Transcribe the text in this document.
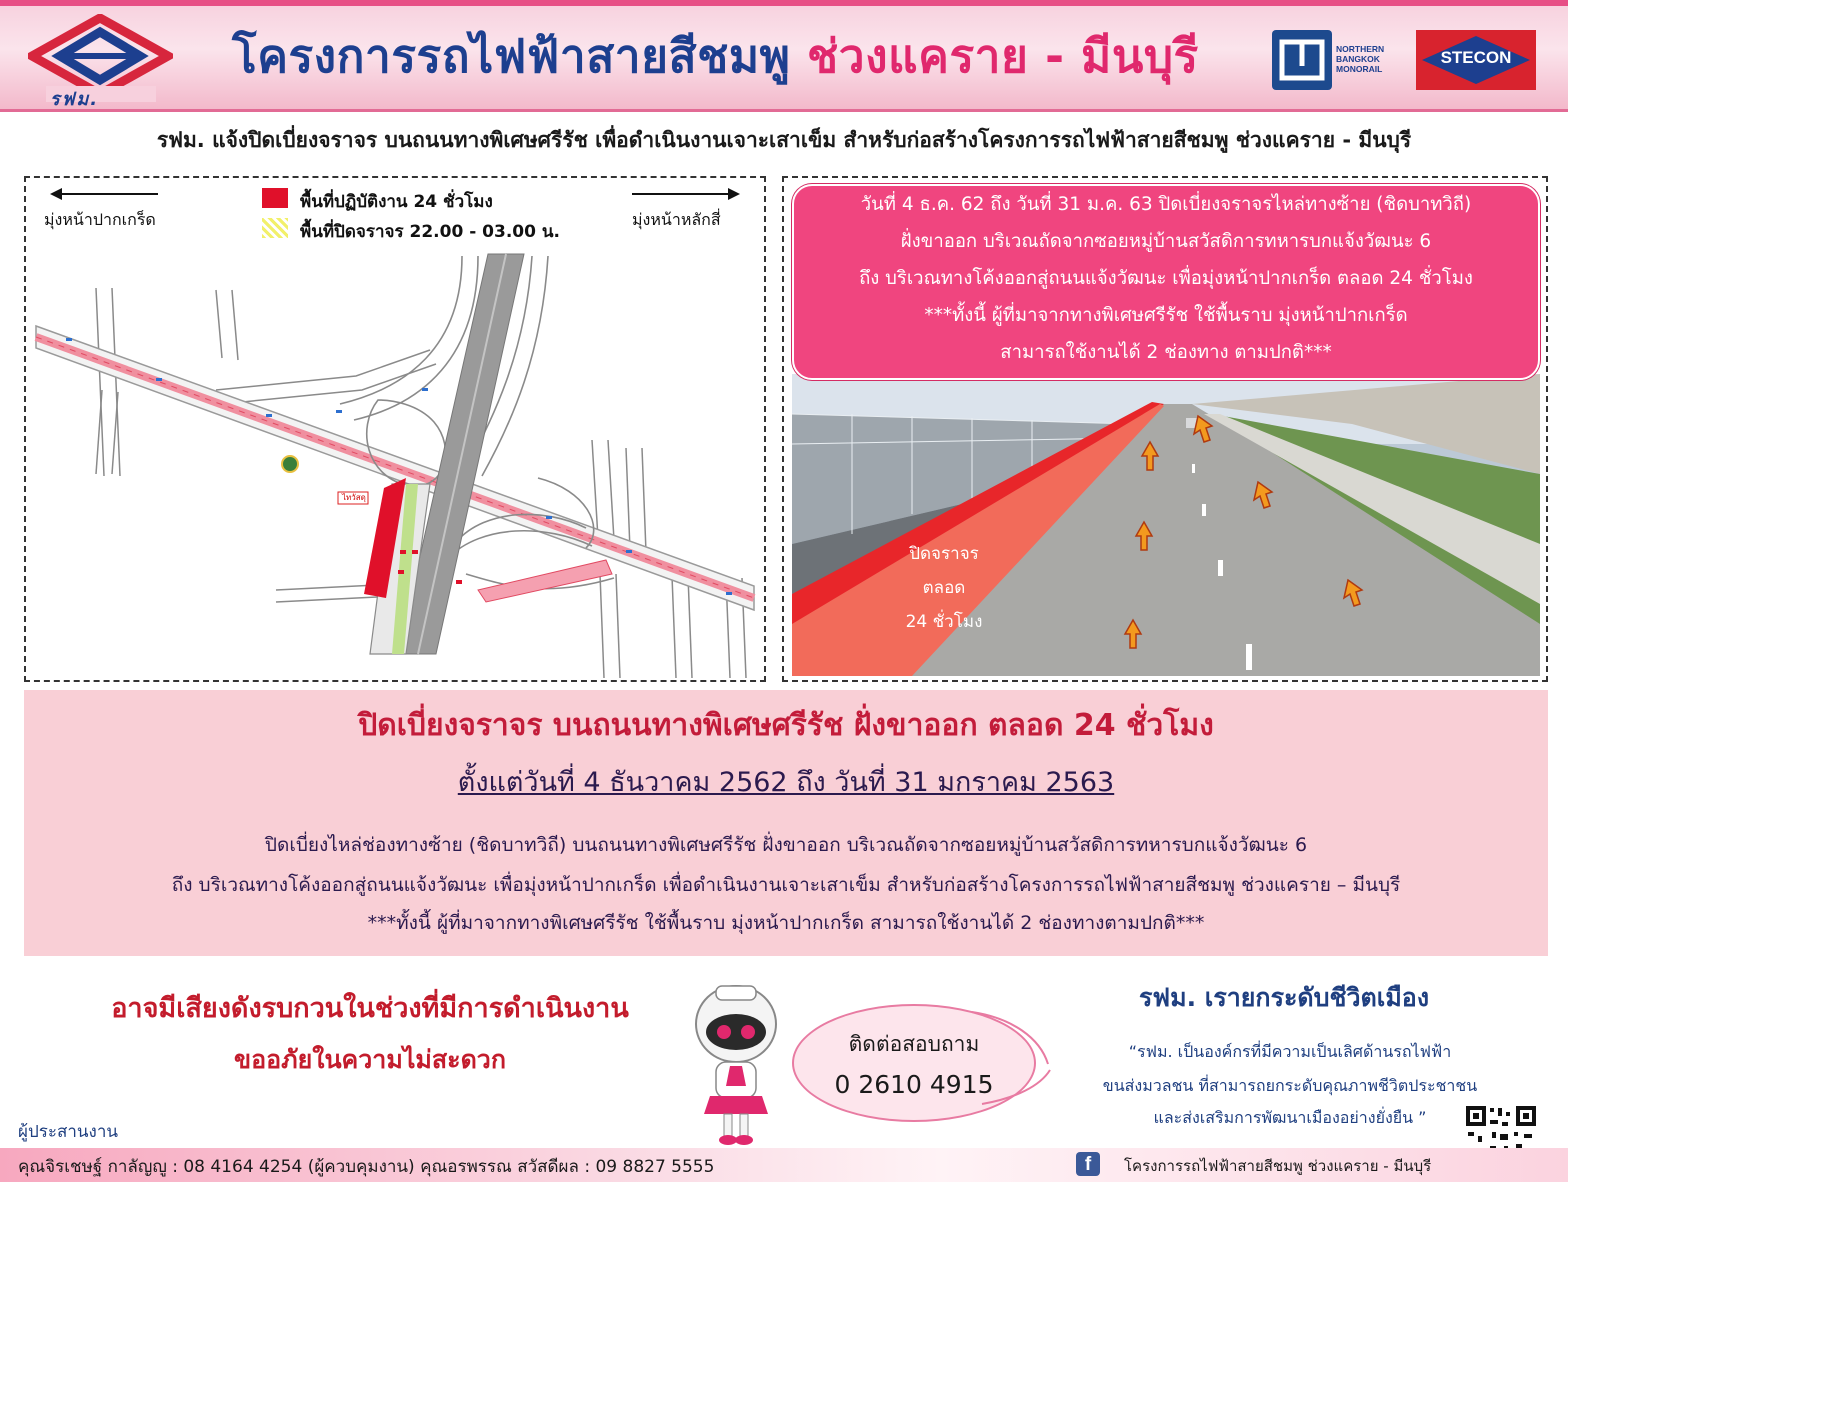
รฟม.
โครงการรถไฟฟ้าสายสีชมพู ช่วงแคราย - มีนบุรี	NORTHERN BANGKOK MONORAIL
STECON
รฟม. แจ้งปิดเบี่ยงจราจร บนถนนทางพิเศษศรีรัช เพื่อดำเนินงานเจาะเสาเข็ม สำหรับก่อสร้างโครงการรถไฟฟ้าสายสีชมพู ช่วงแคราย - มีนบุรี
มุ่งหน้าปากเกร็ด	มุ่งหน้าหลักสี่
พื้นที่ปฏิบัติงาน 24 ชั่วโมง
พื้นที่ปิดจราจร 22.00 - 03.00 น.
ไทวัสดุ

วันที่ 4 ธ.ค. 62 ถึง วันที่ 31 ม.ค. 63 ปิดเบี่ยงจราจรไหล่ทางซ้าย (ชิดบาทวิถี)

ฝั่งขาออก บริเวณถัดจากซอยหมู่บ้านสวัสดิการทหารบกแจ้งวัฒนะ 6

ถึง บริเวณทางโค้งออกสู่ถนนแจ้งวัฒนะ เพื่อมุ่งหน้าปากเกร็ด ตลอด 24 ชั่วโมง

***ทั้งนี้ ผู้ที่มาจากทางพิเศษศรีรัช ใช้พื้นราบ มุ่งหน้าปากเกร็ด

สามารถใช้งานได้ 2 ช่องทาง ตามปกติ***

ปิดจราจร
ตลอด
24 ชั่วโมง
ปิดเบี่ยงจราจร บนถนนทางพิเศษศรีรัช ฝั่งขาออก ตลอด 24 ชั่วโมง
ตั้งแต่วันที่ 4 ธันวาคม 2562 ถึง วันที่ 31 มกราคม 2563
ปิดเบี่ยงไหล่ช่องทางซ้าย (ชิดบาทวิถี) บนถนนทางพิเศษศรีรัช ฝั่งขาออก บริเวณถัดจากซอยหมู่บ้านสวัสดิการทหารบกแจ้งวัฒนะ 6
ถึง บริเวณทางโค้งออกสู่ถนนแจ้งวัฒนะ เพื่อมุ่งหน้าปากเกร็ด เพื่อดำเนินงานเจาะเสาเข็ม สำหรับก่อสร้างโครงการรถไฟฟ้าสายสีชมพู ช่วงแคราย – มีนบุรี
***ทั้งนี้ ผู้ที่มาจากทางพิเศษศรีรัช ใช้พื้นราบ มุ่งหน้าปากเกร็ด สามารถใช้งานได้ 2 ช่องทางตามปกติ***
อาจมีเสียงดังรบกวนในช่วงที่มีการดำเนินงาน
ขออภัยในความไม่สะดวก
ติดต่อสอบถาม
0 2610 4915
รฟม. เรายกระดับชีวิตเมือง
“รฟม. เป็นองค์กรที่มีความเป็นเลิศด้านรถไฟฟ้า
ขนส่งมวลชน ที่สามารถยกระดับคุณภาพชีวิตประชาชน
และส่งเสริมการพัฒนาเมืองอย่างยั่งยืน ”
ผู้ประสานงาน
คุณจิรเชษฐ์ กาลัญญู : 08 4164 4254 (ผู้ควบคุมงาน) คุณอรพรรณ สวัสดีผล : 09 8827 5555	f	โครงการรถไฟฟ้าสายสีชมพู ช่วงแคราย - มีนบุรี
